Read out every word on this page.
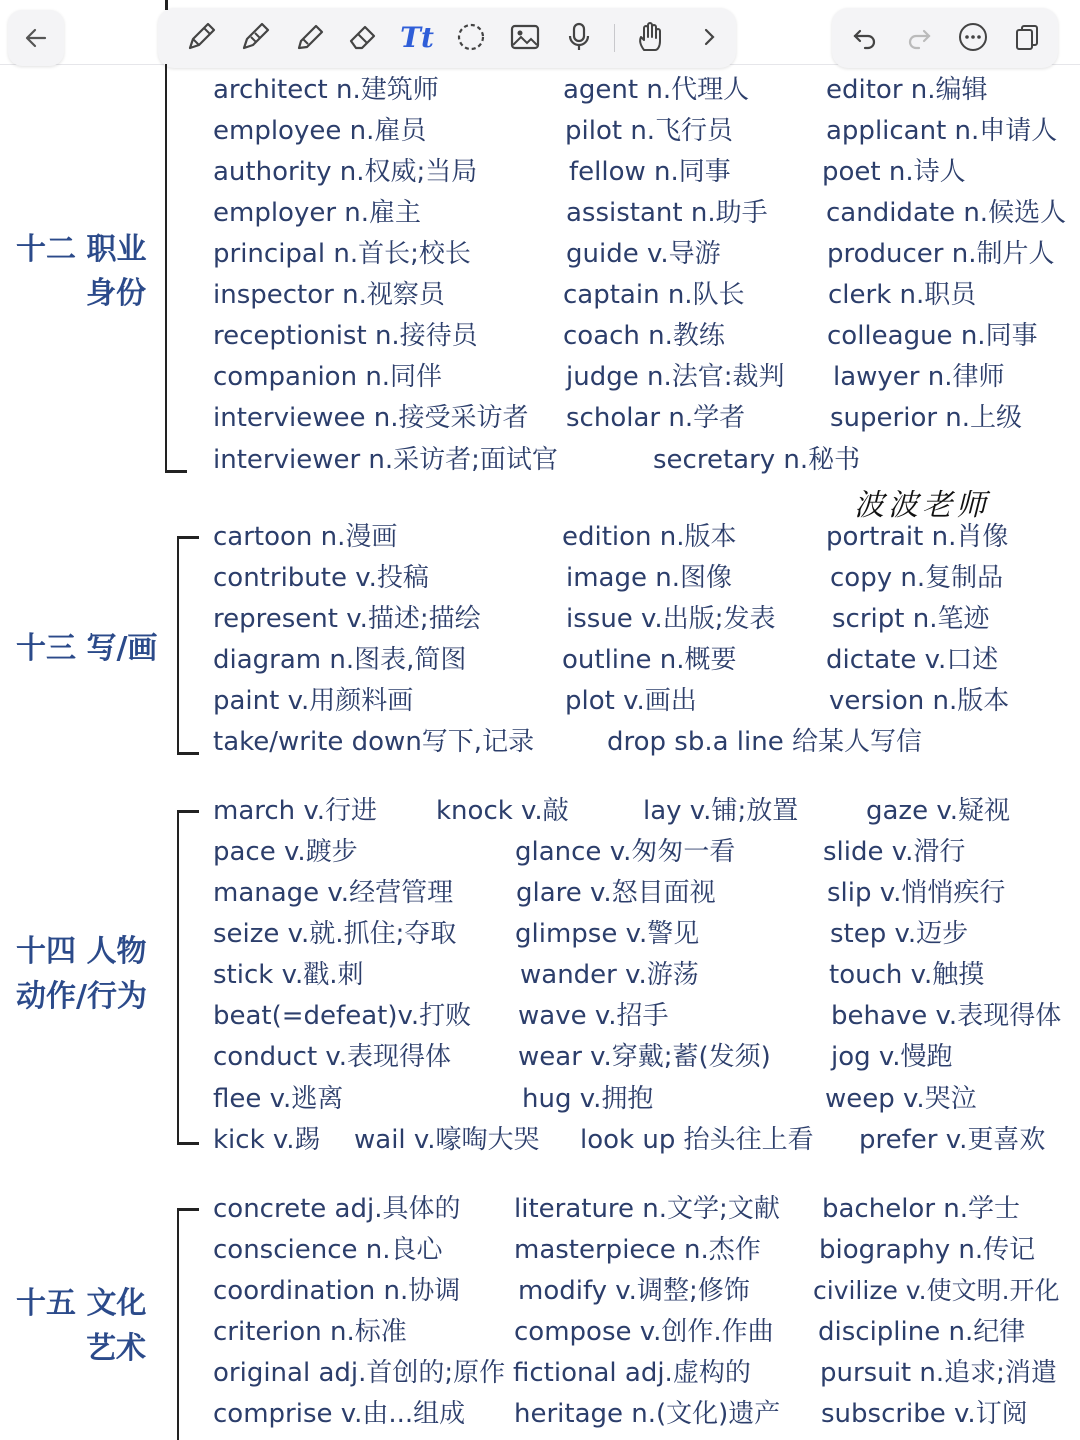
Tt
十二 职业
身份
architect n.建筑师	agent n.代理人	editor n.编辑
employee n.雇员	pilot n.飞行员	applicant n.申请人
authority n.权威;当局	fellow n.同事	poet n.诗人
employer n.雇主	assistant n.助手 candidate n.候选人
principal n.首长;校长	guide v.导游	producer n.制片人
inspector n.视察员	captain n.队长	clerk n.职员
receptionist n.接待员	coach n.教练	colleague n.同事
companion n.同伴	judge n.法官:裁判 lawyer n.律师
interviewee n.接受采访者 scholar n.学者	superior n.上级
interviewer n.采访者;面试官	secretary n.秘书
波波老师
十三 写/画
cartoon n.漫画	edition n.版本	portrait n.肖像
contribute v.投稿	image n.图像	copy n.复制品
represent v.描述;描绘	issue v.出版;发表 script n.笔迹
diagram n.图表,简图	outline n.概要	dictate v.口述
paint v.用颜料画	plot v.画出	version n.版本
take/write down写下,记录	drop sb.a line 给某人写信
十四 人物
动作/行为
march v.行进 knock v.敲	lay v.铺;放置	gaze v.疑视
pace v.踱步	glance v.匆匆一看	slide v.滑行
manage v.经营管理 glare v.怒目面视	slip v.悄悄疾行
seize v.就.抓住;夺取 glimpse v.警见	step v.迈步
stick v.戳.刺	wander v.游荡	touch v.触摸
beat(=defeat)v.打败 wave v.招手	behave v.表现得体
conduct v.表现得体	wear v.穿戴;蓄(发须) jog v.慢跑
flee v.逃离	hug v.拥抱	weep v.哭泣
kick v.踢 wail v.嚎啕大哭 look up 抬头往上看 prefer v.更喜欢
十五 文化
艺术
concrete adj.具体的 literature n.文学;文献 bachelor n.学士
conscience n.良心	masterpiece n.杰作 biography n.传记
coordination n.协调 modify v.调整;修饰	civilize v.使文明.开化
criterion n.标准	compose v.创作.作曲 discipline n.纪律
original adj.首创的;原作 fictional adj.虚构的	pursuit n.追求;消遣
comprise v.由...组成 heritage n.(文化)遗产 subscribe v.订阅
